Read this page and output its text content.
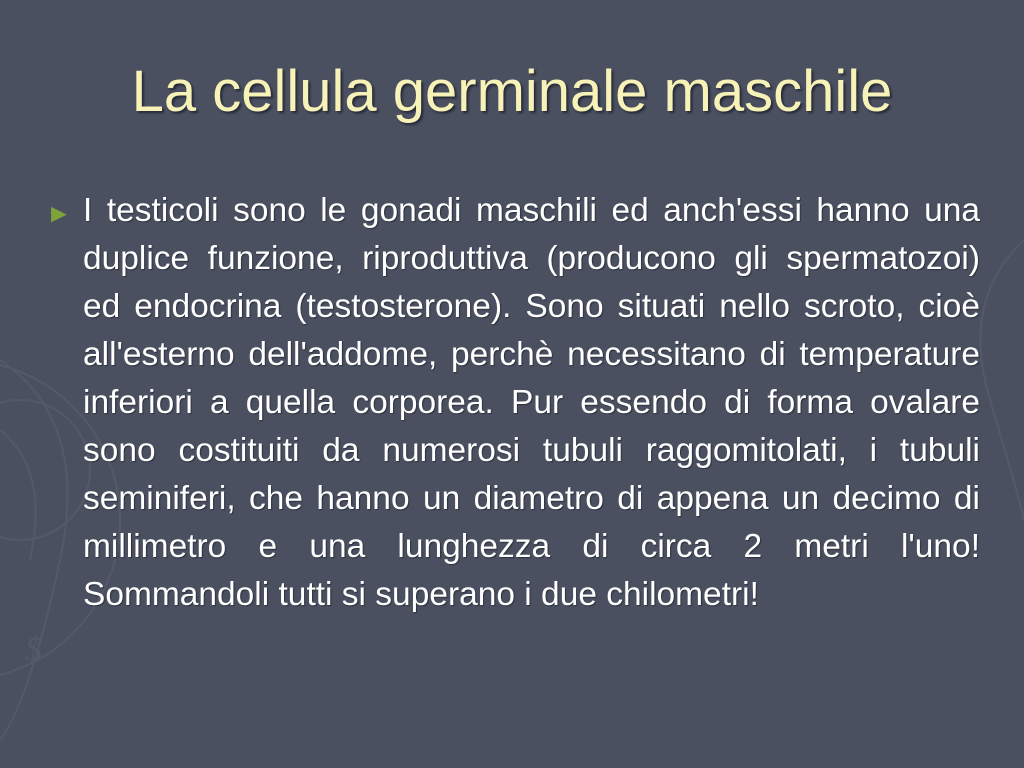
$
La cellula germinale maschile
► I testicoli sono le gonadi maschili ed anch'essi hanno una duplice funzione, riproduttiva (producono gli spermatozoi) ed endocrina (testosterone). Sono situati nello scroto, cioè all'esterno dell'addome, perchè necessitano di temperature inferiori a quella corporea. Pur essendo di forma ovalare sono costituiti da numerosi tubuli raggomitolati, i tubuli seminiferi, che hanno un diametro di appena un decimo di millimetro e una lunghezza di circa 2 metri l'uno! Sommandoli tutti si superano i due chilometri!
